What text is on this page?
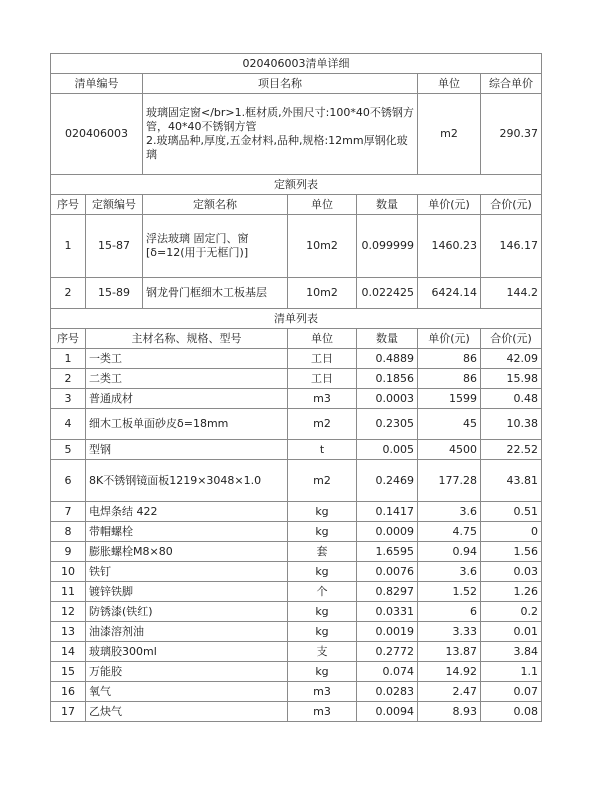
020406003清单详细						
清单编号		项目名称			单位	综合单价
020406003		玻璃固定窗</br>1.框材质,外围尺寸:100*40不锈钢方管，40*40不锈钢方管
2.玻璃品种,厚度,五金材料,品种,规格:12mm厚钢化玻璃			m2	290.37
定额列表						
序号	定额编号	定额名称	单位	数量	单价(元)	合价(元)
1	15-87	浮法玻璃 固定门、窗[δ=12(用于无框门)]	10m2	0.099999	1460.23	146.17
2	15-89	钢龙骨门框细木工板基层	10m2	0.022425	6424.14	144.2
清单列表						
序号	主材名称、规格、型号		单位	数量	单价(元)	合价(元)
1	一类工		工日	0.4889	86	42.09
2	二类工		工日	0.1856	86	15.98
3	普通成材		m3	0.0003	1599	0.48
4	细木工板单面砂皮δ=18mm		m2	0.2305	45	10.38
5	型钢		t	0.005	4500	22.52
6	8K不锈钢镜面板1219×3048×1.0		m2	0.2469	177.28	43.81
7	电焊条结 422		kg	0.1417	3.6	0.51
8	带帽螺栓		kg	0.0009	4.75	0
9	膨胀螺栓M8×80		套	1.6595	0.94	1.56
10	铁钉		kg	0.0076	3.6	0.03
11	镀锌铁脚		个	0.8297	1.52	1.26
12	防锈漆(铁红)		kg	0.0331	6	0.2
13	油漆溶剂油		kg	0.0019	3.33	0.01
14	玻璃胶300ml		支	0.2772	13.87	3.84
15	万能胶		kg	0.074	14.92	1.1
16	氧气		m3	0.0283	2.47	0.07
17	乙炔气		m3	0.0094	8.93	0.08
